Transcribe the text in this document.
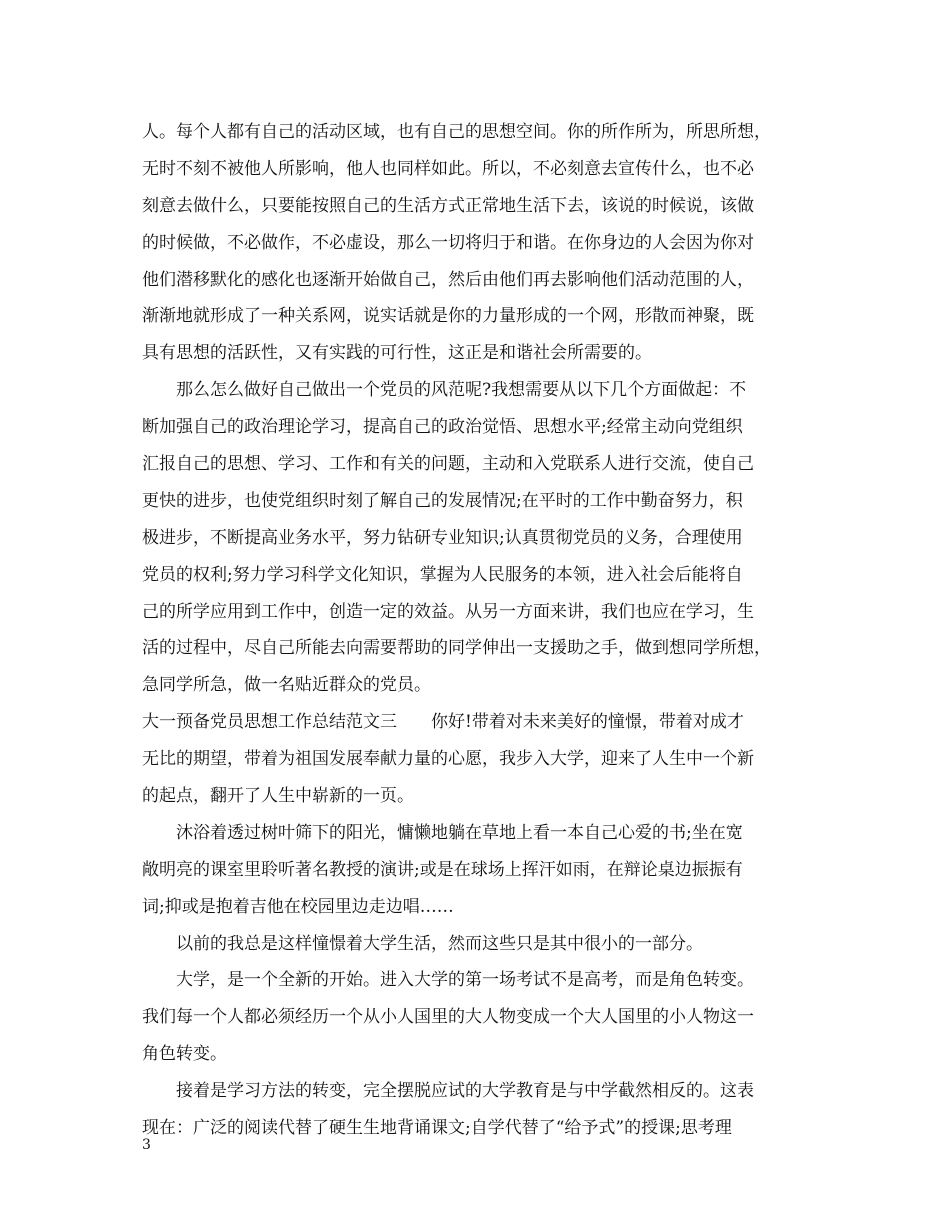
人。每个人都有自己的活动区域，也有自己的思想空间。你的所作所为，所思所想，
无时不刻不被他人所影响，他人也同样如此。所以，不必刻意去宣传什么，也不必
刻意去做什么，只要能按照自己的生活方式正常地生活下去，该说的时候说，该做
的时候做，不必做作，不必虚设，那么一切将归于和谐。在你身边的人会因为你对
他们潜移默化的感化也逐渐开始做自己，然后由他们再去影响他们活动范围的人，
渐渐地就形成了一种关系网，说实话就是你的力量形成的一个网，形散而神聚，既
具有思想的活跃性，又有实践的可行性，这正是和谐社会所需要的。
那么怎么做好自己做出一个党员的风范呢?我想需要从以下几个方面做起：不
断加强自己的政治理论学习，提高自己的政治觉悟、思想水平;经常主动向党组织
汇报自己的思想、学习、工作和有关的问题，主动和入党联系人进行交流，使自己
更快的进步，也使党组织时刻了解自己的发展情况;在平时的工作中勤奋努力，积
极进步，不断提高业务水平，努力钻研专业知识;认真贯彻党员的义务，合理使用
党员的权利;努力学习科学文化知识，掌握为人民服务的本领，进入社会后能将自
己的所学应用到工作中，创造一定的效益。从另一方面来讲，我们也应在学习，生
活的过程中，尽自己所能去向需要帮助的同学伸出一支援助之手，做到想同学所想，
急同学所急，做一名贴近群众的党员。
大一预备党员思想工作总结范文三　　你好!带着对未来美好的憧憬，带着对成才
无比的期望，带着为祖国发展奉献力量的心愿，我步入大学，迎来了人生中一个新
的起点，翻开了人生中崭新的一页。
沐浴着透过树叶筛下的阳光，慵懒地躺在草地上看一本自己心爱的书;坐在宽
敞明亮的课室里聆听著名教授的演讲;或是在球场上挥汗如雨，在辩论桌边振振有
词;抑或是抱着吉他在校园里边走边唱……
以前的我总是这样憧憬着大学生活，然而这些只是其中很小的一部分。
大学，是一个全新的开始。进入大学的第一场考试不是高考，而是角色转变。
我们每一个人都必须经历一个从小人国里的大人物变成一个大人国里的小人物这一
角色转变。
接着是学习方法的转变，完全摆脱应试的大学教育是与中学截然相反的。这表
现在：广泛的阅读代替了硬生生地背诵课文;自学代替了“给予式”的授课;思考理
3
